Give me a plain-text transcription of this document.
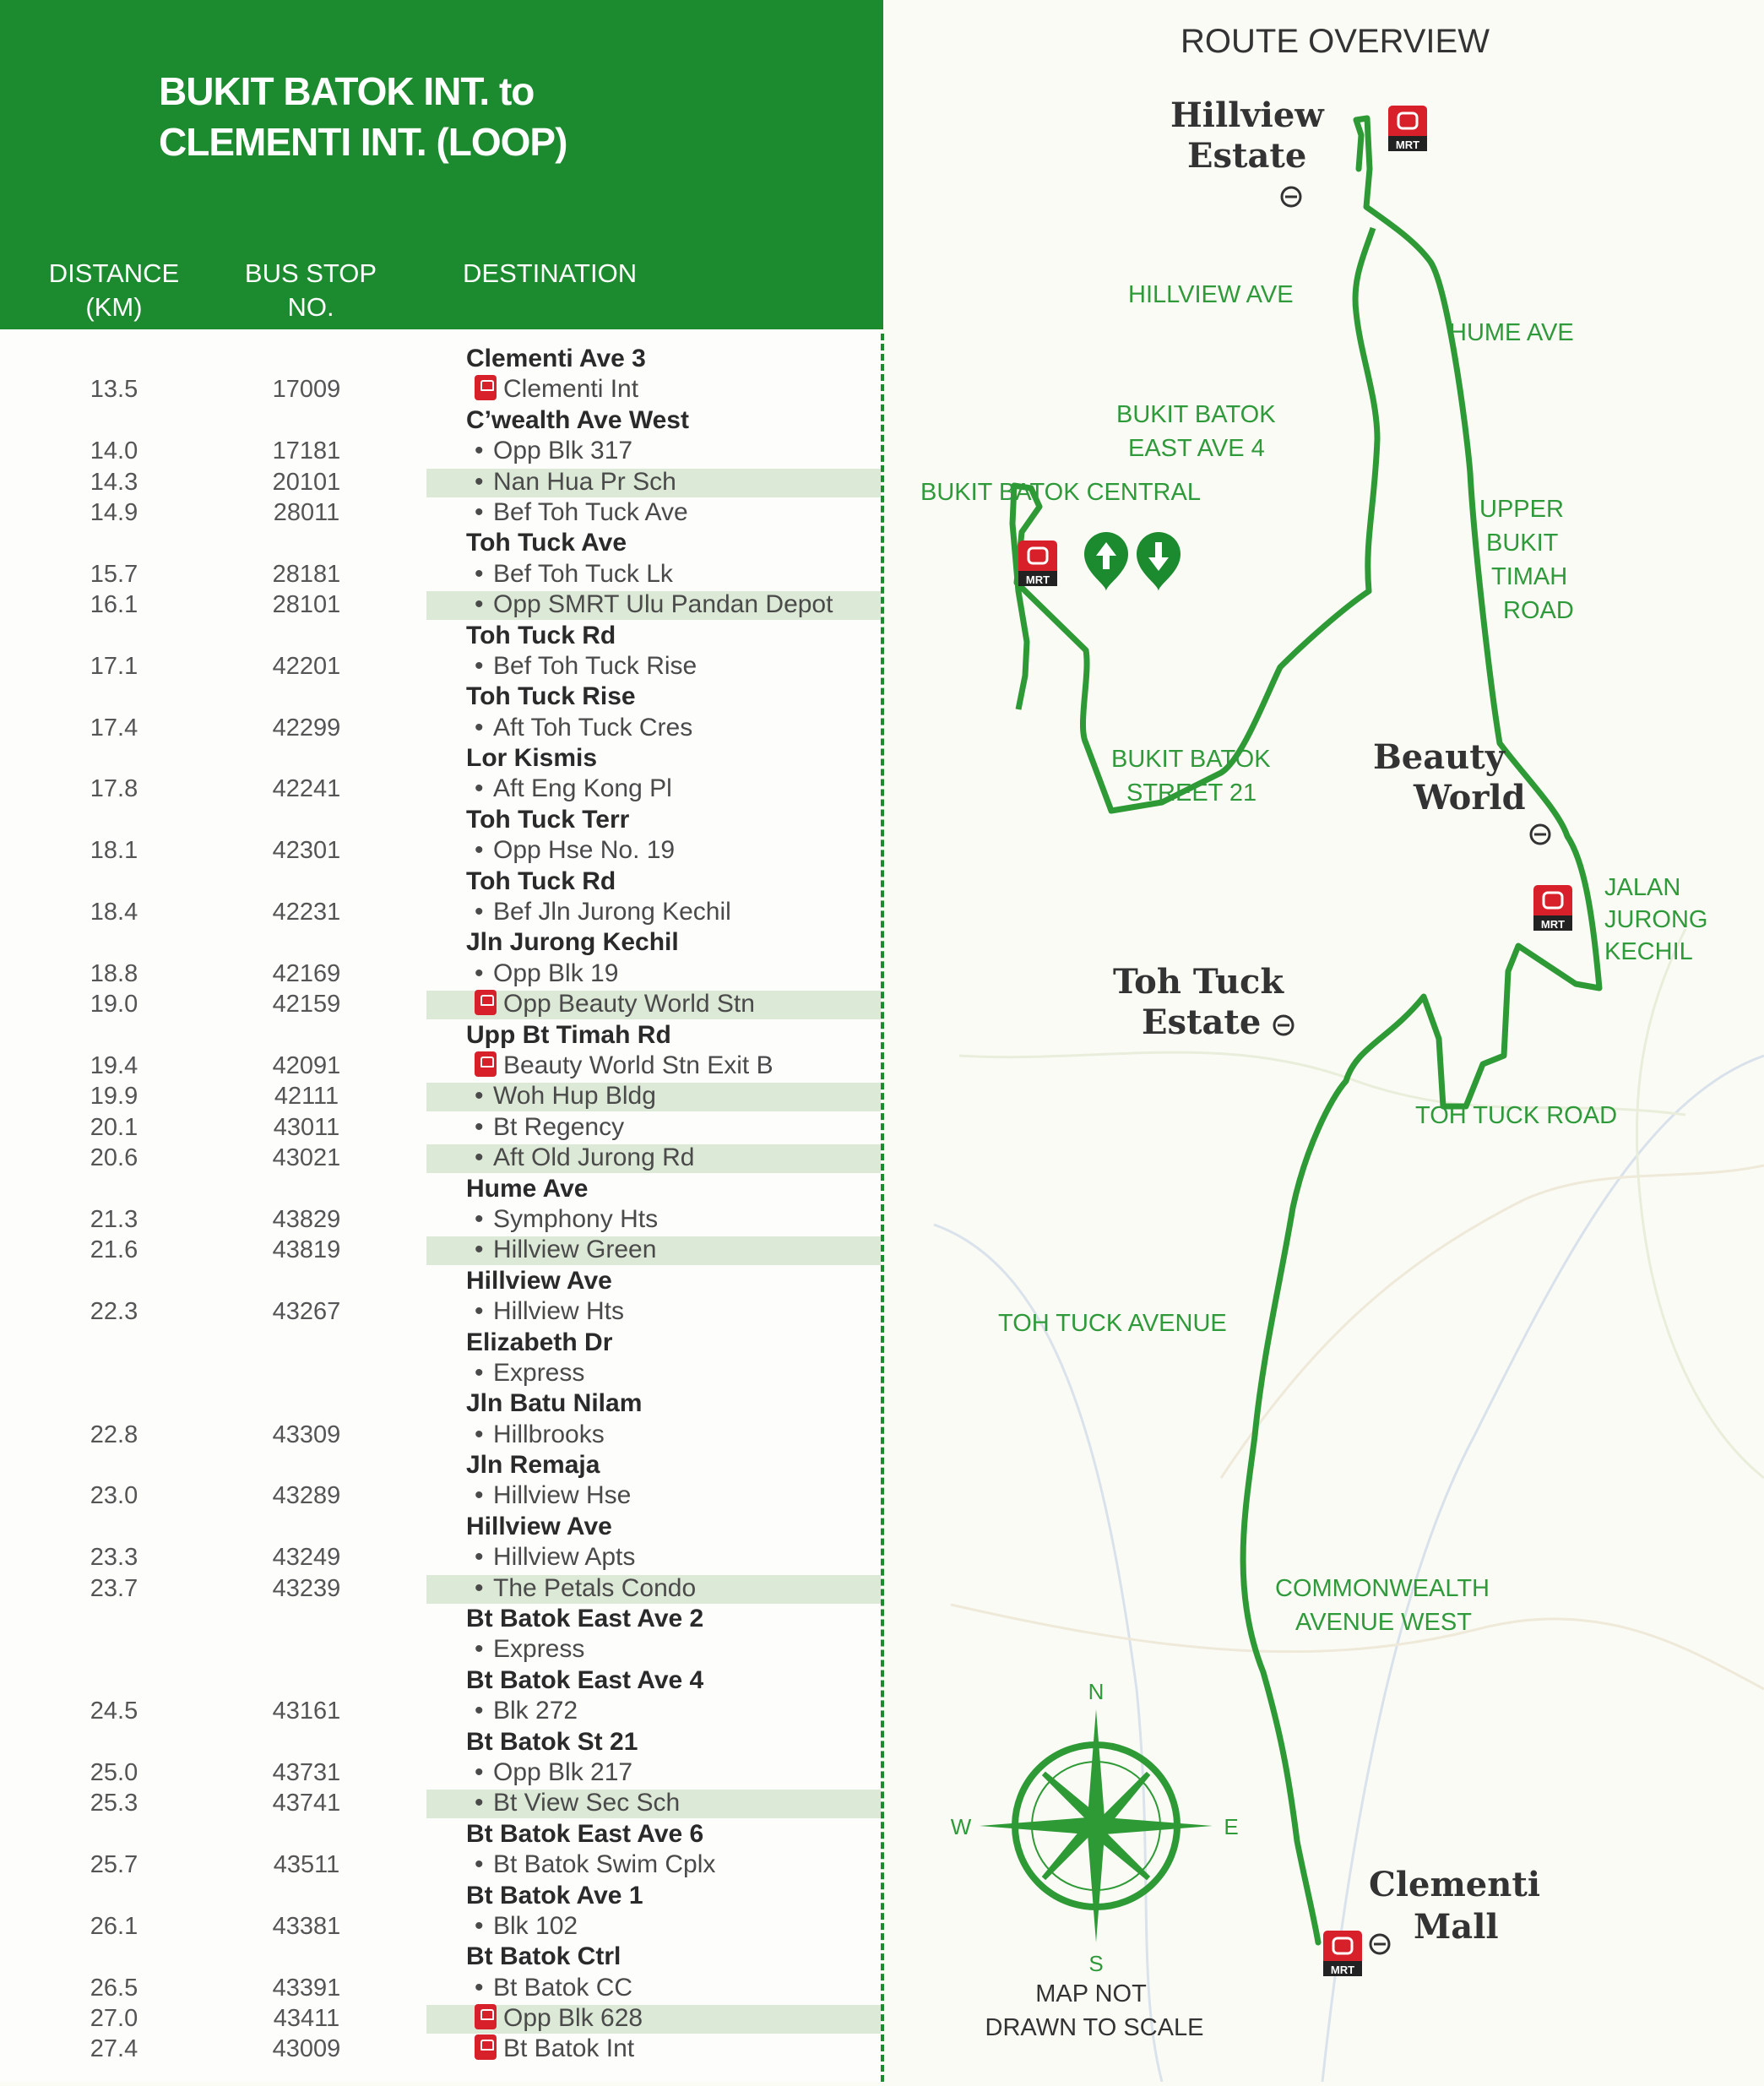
BUKIT BATOK INT. to
CLEMENTI INT. (LOOP)
DISTANCE
(KM)
BUS STOP
NO.
DESTINATION
Clementi Ave 3
13.5	17009	Clementi Int
C’wealth Ave West
14.0	17181	• Opp Blk 317
14.3	20101	• Nan Hua Pr Sch
14.9	28011	• Bef Toh Tuck Ave
Toh Tuck Ave
15.7	28181	• Bef Toh Tuck Lk
16.1	28101	• Opp SMRT Ulu Pandan Depot
Toh Tuck Rd
17.1	42201	• Bef Toh Tuck Rise
Toh Tuck Rise
17.4	42299	• Aft Toh Tuck Cres
Lor Kismis
17.8	42241	• Aft Eng Kong Pl
Toh Tuck Terr
18.1	42301	• Opp Hse No. 19
Toh Tuck Rd
18.4	42231	• Bef Jln Jurong Kechil
Jln Jurong Kechil
18.8	42169	• Opp Blk 19
19.0	42159	Opp Beauty World Stn
Upp Bt Timah Rd
19.4	42091	Beauty World Stn Exit B
19.9	42111	• Woh Hup Bldg
20.1	43011	• Bt Regency
20.6	43021	• Aft Old Jurong Rd
Hume Ave
21.3	43829	• Symphony Hts
21.6	43819	• Hillview Green
Hillview Ave
22.3	43267	• Hillview Hts
Elizabeth Dr
• Express
Jln Batu Nilam
22.8	43309	• Hillbrooks
Jln Remaja
23.0	43289	• Hillview Hse
Hillview Ave
23.3	43249	• Hillview Apts
23.7	43239	• The Petals Condo
Bt Batok East Ave 2
• Express
Bt Batok East Ave 4
24.5	43161	• Blk 272
Bt Batok St 21
25.0	43731	• Opp Blk 217
25.3	43741	• Bt View Sec Sch
Bt Batok East Ave 6
25.7	43511	• Bt Batok Swim Cplx
Bt Batok Ave 1
26.1	43381	• Blk 102
Bt Batok Ctrl
26.5	43391	• Bt Batok CC
27.0	43411	Opp Blk 628
27.4	43009	Bt Batok Int
ROUTE OVERVIEW
MRT
MRT
MRT
MRT
Hillview
Estate
Beauty
World
Toh Tuck
Estate
Clementi
Mall
HILLVIEW AVE
HUME AVE
BUKIT BATOK
EAST AVE 4
BUKIT BATOK CENTRAL
UPPER
BUKIT
TIMAH
ROAD
BUKIT BATOK
STREET 21
JALAN
JURONG
KECHIL
TOH TUCK ROAD
TOH TUCK AVENUE
COMMONWEALTH
AVENUE WEST
N
S
E
W
MAP NOT
DRAWN TO SCALE
